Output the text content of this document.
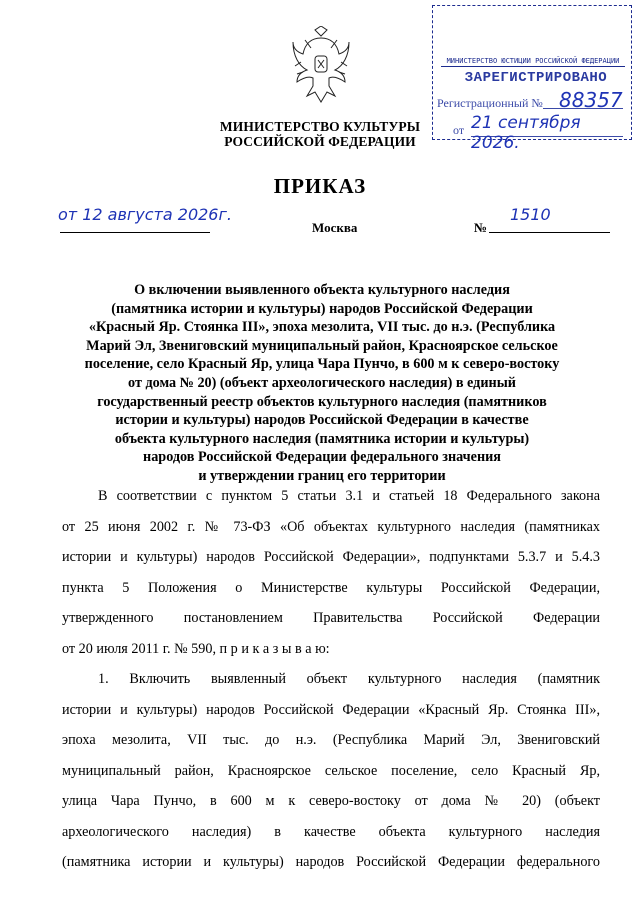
МИНИСТЕРСТВО КУЛЬТУРЫ
РОССИЙСКОЙ ФЕДЕРАЦИИ
МИНИСТЕРСТВО ЮСТИЦИИ РОССИЙСКОЙ ФЕДЕРАЦИИ
ЗАРЕГИСТРИРОВАНО
Регистрационный № 88357
от 21 сентября 2026.
ПРИКАЗ
от 12 августа 2026г.
Москва	№
1510
О включении выявленного объекта культурного наследия
(памятника истории и культуры) народов Российской Федерации
«Красный Яр. Стоянка III», эпоха мезолита, VII тыс. до н.э. (Республика
Марий Эл, Звениговский муниципальный район, Красноярское сельское
поселение, село Красный Яр, улица Чара Пунчо, в 600 м к северо-востоку
от дома № 20) (объект археологического наследия) в единый
государственный реестр объектов культурного наследия (памятников
истории и культуры) народов Российской Федерации в качестве
объекта культурного наследия (памятника истории и культуры)
народов Российской Федерации федерального значения
и утверждении границ его территории
В соответствии с пунктом 5 статьи 3.1 и статьей 18 Федерального закона
от 25 июня 2002 г. № 73-ФЗ «Об объектах культурного наследия (памятниках
истории и культуры) народов Российской Федерации», подпунктами 5.3.7 и 5.4.3
пункта 5 Положения о Министерстве культуры Российской Федерации,
утвержденного постановлением Правительства Российской Федерации
от 20 июля 2011 г. № 590, п р и к а з ы в а ю:
1. Включить выявленный объект культурного наследия (памятник
истории и культуры) народов Российской Федерации «Красный Яр. Стоянка III»,
эпоха мезолита, VII тыс. до н.э. (Республика Марий Эл, Звениговский
муниципальный район, Красноярское сельское поселение, село Красный Яр,
улица Чара Пунчо, в 600 м к северо-востоку от дома № 20) (объект
археологического наследия) в качестве объекта культурного наследия
(памятника истории и культуры) народов Российской Федерации федерального
